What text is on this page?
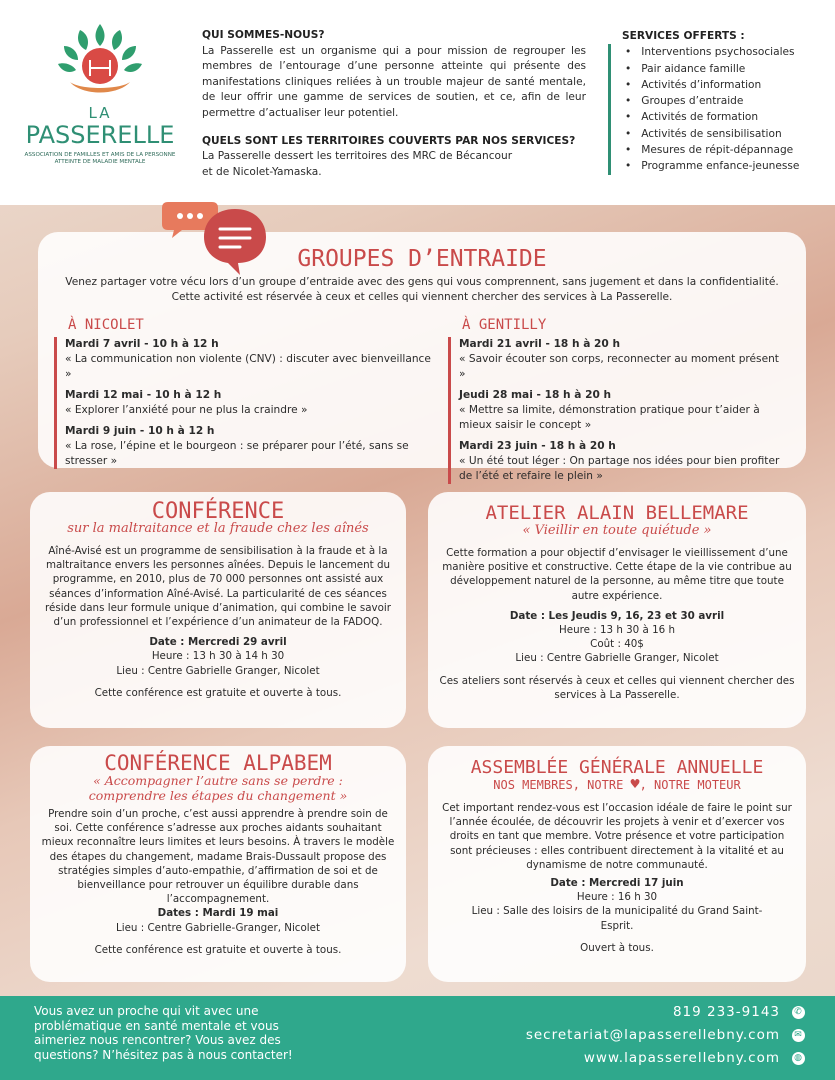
LA
PASSERELLE
ASSOCIATION DE FAMILLES ET AMIS DE LA PERSONNE ATTEINTE DE MALADIE MENTALE
QUI SOMMES-NOUS?

La Passerelle est un organisme qui a pour mission de regrouper les membres de l’entourage d’une personne atteinte qui présente des manifestations cliniques reliées à un trouble majeur de santé mentale, de leur offrir une gamme de services de soutien, et ce, afin de leur permettre d’actualiser leur potentiel.

QUELS SONT LES TERRITOIRES COUVERTS PAR NOS SERVICES?
La Passerelle dessert les territoires des MRC de Bécancour
et de Nicolet-Yamaska.
SERVICES OFFERTS :
• Interventions psychosociales
• Pair aidance famille
• Activités d’information
• Groupes d’entraide
• Activités de formation
• Activités de sensibilisation
• Mesures de répit-dépannage
• Programme enfance-jeunesse
GROUPES D’ENTRAIDE
Venez partager votre vécu lors d’un groupe d’entraide avec des gens qui vous comprennent, sans jugement et dans la confidentialité.
Cette activité est réservée à ceux et celles qui viennent chercher des services à La Passerelle.
À NICOLET

Mardi 7 avril - 10 h à 12 h
« La communication non violente (CNV) : discuter avec bienveillance »

Mardi 12 mai - 10 h à 12 h
« Explorer l’anxiété pour ne plus la craindre »

Mardi 9 juin - 10 h à 12 h
« La rose, l’épine et le bourgeon : se préparer pour l’été, sans se stresser »

À GENTILLY

Mardi 21 avril - 18 h à 20 h
« Savoir écouter son corps, reconnecter au moment présent »

Jeudi 28 mai - 18 h à 20 h
« Mettre sa limite, démonstration pratique pour t’aider à mieux saisir le concept »

Mardi 23 juin - 18 h à 20 h
« Un été tout léger : On partage nos idées pour bien profiter de l’été et refaire le plein »

CONFÉRENCE
sur la maltraitance et la fraude chez les aînés
Aîné-Avisé est un programme de sensibilisation à la fraude et à la maltraitance envers les personnes aînées. Depuis le lancement du programme, en 2010, plus de 70 000 personnes ont assisté aux séances d’information Aîné-Avisé. La particularité de ces séances réside dans leur formule unique d’animation, qui combine le savoir d’un professionnel et l’expérience d’un animateur de la FADOQ.
Date : Mercredi 29 avril
Heure : 13 h 30 à 14 h 30
Lieu : Centre Gabrielle Granger, Nicolet
Cette conférence est gratuite et ouverte à tous.
ATELIER ALAIN BELLEMARE
« Vieillir en toute quiétude »
Cette formation a pour objectif d’envisager le vieillissement d’une manière positive et constructive. Cette étape de la vie contribue au développement naturel de la personne, au même titre que toute autre expérience.
Date : Les Jeudis 9, 16, 23 et 30 avril
Heure : 13 h 30 à 16 h
Coût : 40$
Lieu : Centre Gabrielle Granger, Nicolet
Ces ateliers sont réservés à ceux et celles qui viennent chercher des services à La Passerelle.
CONFÉRENCE ALPABEM
« Accompagner l’autre sans se perdre :
comprendre les étapes du changement »
Prendre soin d’un proche, c’est aussi apprendre à prendre soin de soi. Cette conférence s’adresse aux proches aidants souhaitant mieux reconnaître leurs limites et leurs besoins. À travers le modèle des étapes du changement, madame Brais-Dussault propose des stratégies simples d’auto-empathie, d’affirmation de soi et de bienveillance pour retrouver un équilibre durable dans l’accompagnement.
Dates : Mardi 19 mai
Lieu : Centre Gabrielle-Granger, Nicolet
Cette conférence est gratuite et ouverte à tous.
ASSEMBLÉE GÉNÉRALE ANNUELLE
NOS MEMBRES, NOTRE ♥, NOTRE MOTEUR
Cet important rendez-vous est l’occasion idéale de faire le point sur l’année écoulée, de découvrir les projets à venir et d’exercer vos droits en tant que membre. Votre présence et votre participation sont précieuses : elles contribuent directement à la vitalité et au dynamisme de notre communauté.
Date : Mercredi 17 juin
Heure : 16 h 30
Lieu : Salle des loisirs de la municipalité du Grand Saint-Esprit.
Ouvert à tous.
Vous avez un proche qui vit avec une problématique en santé mentale et vous aimeriez nous rencontrer? Vous avez des questions? N’hésitez pas à nous contacter!
819 233-9143 ✆
secretariat@lapasserellebny.com ✉
www.lapasserellebny.com ◍
